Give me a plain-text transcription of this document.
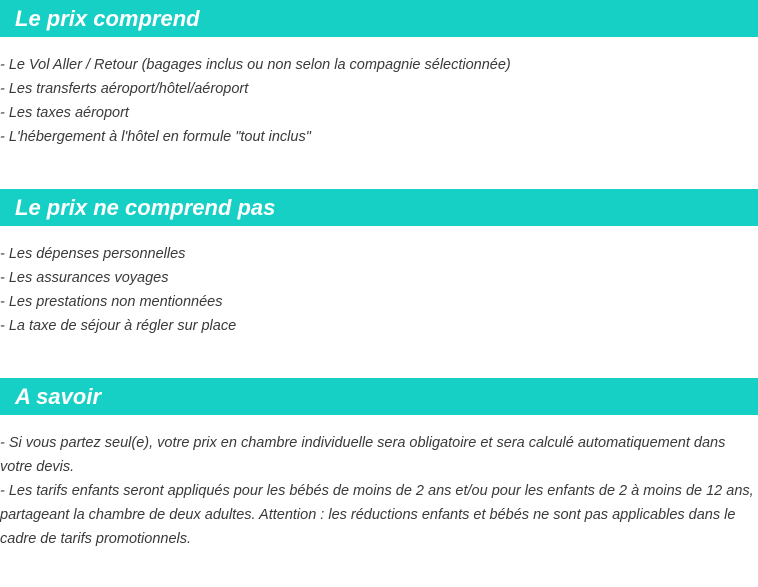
Le prix comprend
- Le Vol Aller / Retour (bagages inclus ou non selon la compagnie sélectionnée)
- Les transferts aéroport/hôtel/aéroport
- Les taxes aéroport
- L'hébergement à l'hôtel en formule "tout inclus"
Le prix ne comprend pas
- Les dépenses personnelles
- Les assurances voyages
- Les prestations non mentionnées
- La taxe de séjour à régler sur place
A savoir
- Si vous partez seul(e), votre prix en chambre individuelle sera obligatoire et sera calculé automatiquement dans votre devis.
- Les tarifs enfants seront appliqués pour les bébés de moins de 2 ans et/ou pour les enfants de 2 à moins de 12 ans, partageant la chambre de deux adultes. Attention : les réductions enfants et bébés ne sont pas applicables dans le cadre de tarifs promotionnels.
